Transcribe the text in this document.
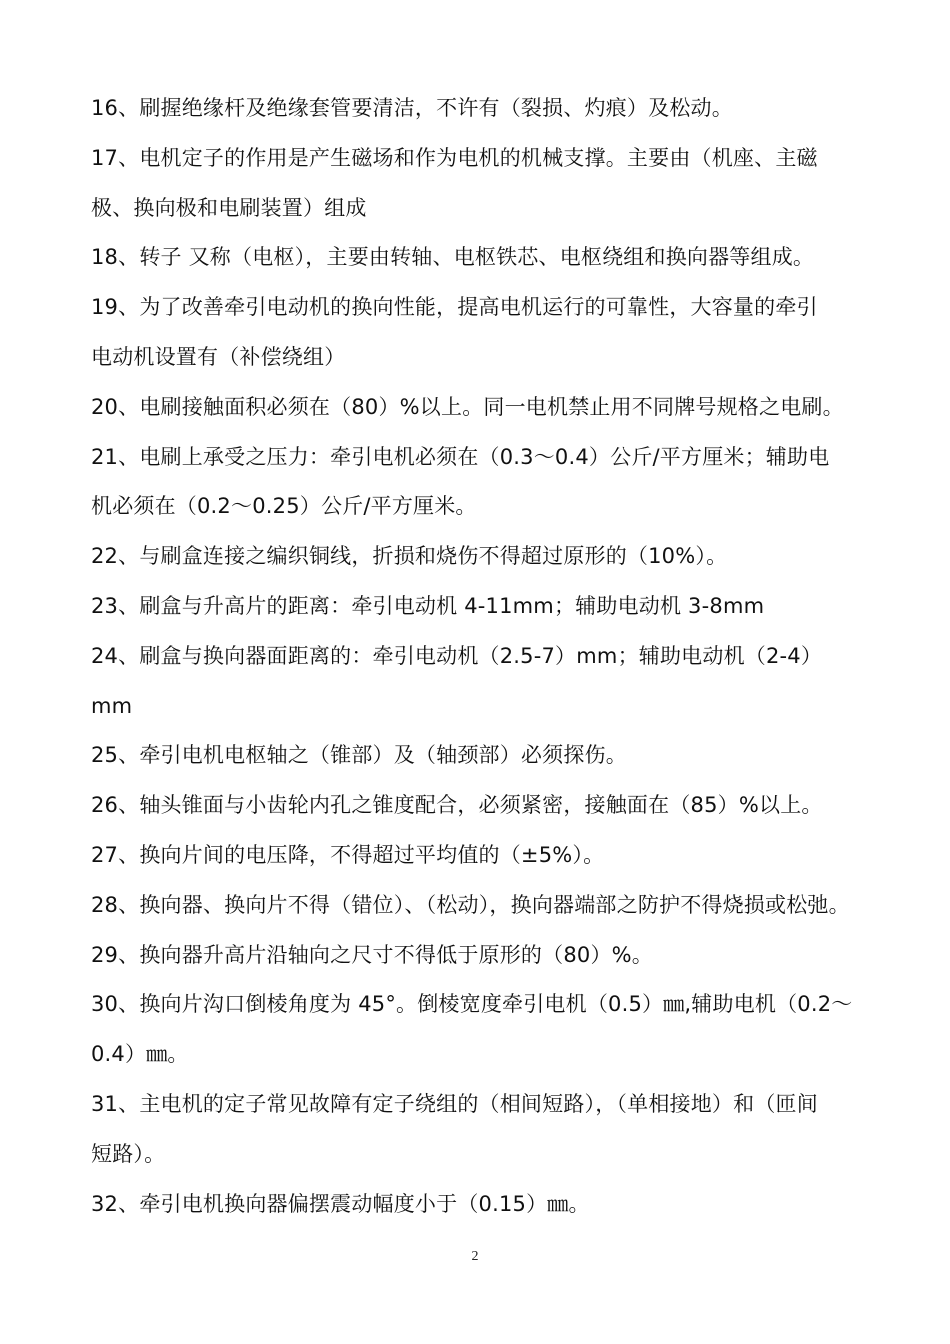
16、刷握绝缘杆及绝缘套管要清洁，不许有（裂损、灼痕）及松动。
17、电机定子的作用是产生磁场和作为电机的机械支撑。主要由（机座、主磁
极、换向极和电刷装置）组成
18、转子 又称（电枢），主要由转轴、电枢铁芯、电枢绕组和换向器等组成。
19、为了改善牵引电动机的换向性能，提高电机运行的可靠性，大容量的牵引
电动机设置有（补偿绕组）
20、电刷接触面积必须在（80）%以上。同一电机禁止用不同牌号规格之电刷。
21、电刷上承受之压力：牵引电机必须在（0.3～0.4）公斤/平方厘米；辅助电
机必须在（0.2～0.25）公斤/平方厘米。
22、与刷盒连接之编织铜线，折损和烧伤不得超过原形的（10%）。
23、刷盒与升高片的距离：牵引电动机 4-11mm；辅助电动机 3-8mm
24、刷盒与换向器面距离的：牵引电动机（2.5-7）mm；辅助电动机（2-4）
mm
25、牵引电机电枢轴之（锥部）及（轴颈部）必须探伤。
26、轴头锥面与小齿轮内孔之锥度配合，必须紧密，接触面在（85）%以上。
27、换向片间的电压降，不得超过平均值的（±5%）。
28、换向器、换向片不得（错位）、（松动），换向器端部之防护不得烧损或松弛。
29、换向器升高片沿轴向之尺寸不得低于原形的（80）%。
30、换向片沟口倒棱角度为 45°。倒棱宽度牵引电机（0.5）㎜,辅助电机（0.2～
0.4）㎜。
31、主电机的定子常见故障有定子绕组的（相间短路），（单相接地）和（匝间
短路）。
32、牵引电机换向器偏摆震动幅度小于（0.15）㎜。
2
